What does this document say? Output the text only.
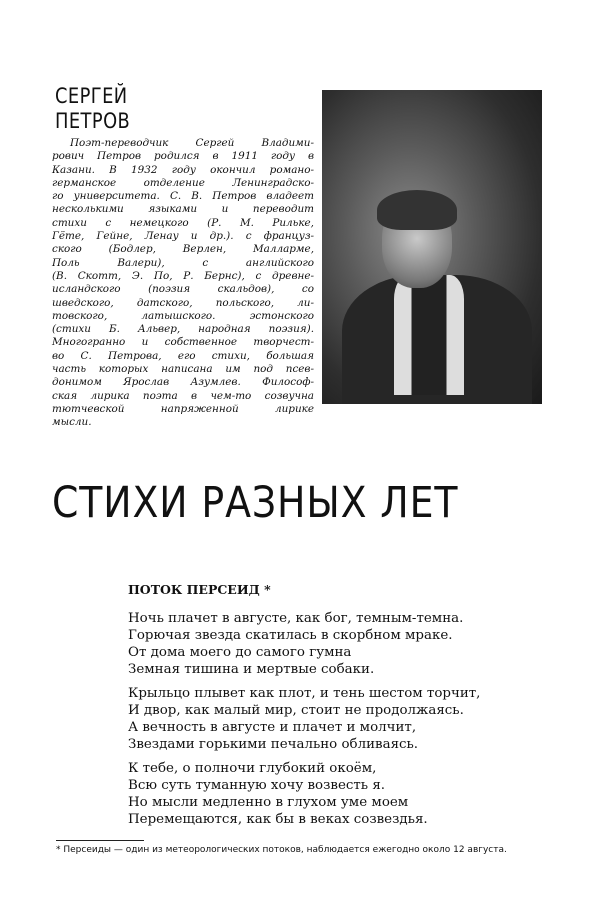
СЕРГЕЙ
ПЕТРОВ
Поэт-переводчик Сергей Владими-
рович Петров родился в 1911 году в
Казани. В 1932 году окончил романо-
германское отделение Ленинградско-
го университета. С. В. Петров владеет
несколькими языками и переводит
стихи с немецкого (Р. М. Рильке,
Гёте, Гейне, Ленау и др.). с француз-
ского (Бодлер, Верлен, Малларме,
Поль Валери), с английского
(В. Скотт, Э. По, Р. Бернс), с древне-
исландского (поэзия скальдов), со
шведского, датского, польского, ли-
товского, латышского. эстонского
(стихи Б. Альвер, народная поэзия).
Многогранно и собственное творчест-
во С. Петрова, его стихи, большая
часть которых написана им под псев-
донимом Ярослав Азумлев. Философ-
ская лирика поэта в чем-то созвучна
тютчевской напряженной лирике
мысли.
СТИХИ РАЗНЫХ ЛЕТ
ПОТОК ПЕРСЕИД *
Ночь плачет в августе, как бог, темным-темна.
Горючая звезда скатилась в скорбном мраке.
От дома моего до самого гумна
Земная тишина и мертвые собаки.
Крыльцо плывет как плот, и тень шестом торчит,
И двор, как малый мир, стоит не продолжаясь.
А вечность в августе и плачет и молчит,
Звездами горькими печально обливаясь.
К тебе, о полночи глубокий окоём,
Всю суть туманную хочу возвесть я.
Но мысли медленно в глухом уме моем
Перемещаются, как бы в веках созвездья.
* Персеиды — один из метеорологических потоков, наблюдается ежегодно около 12 августа.
